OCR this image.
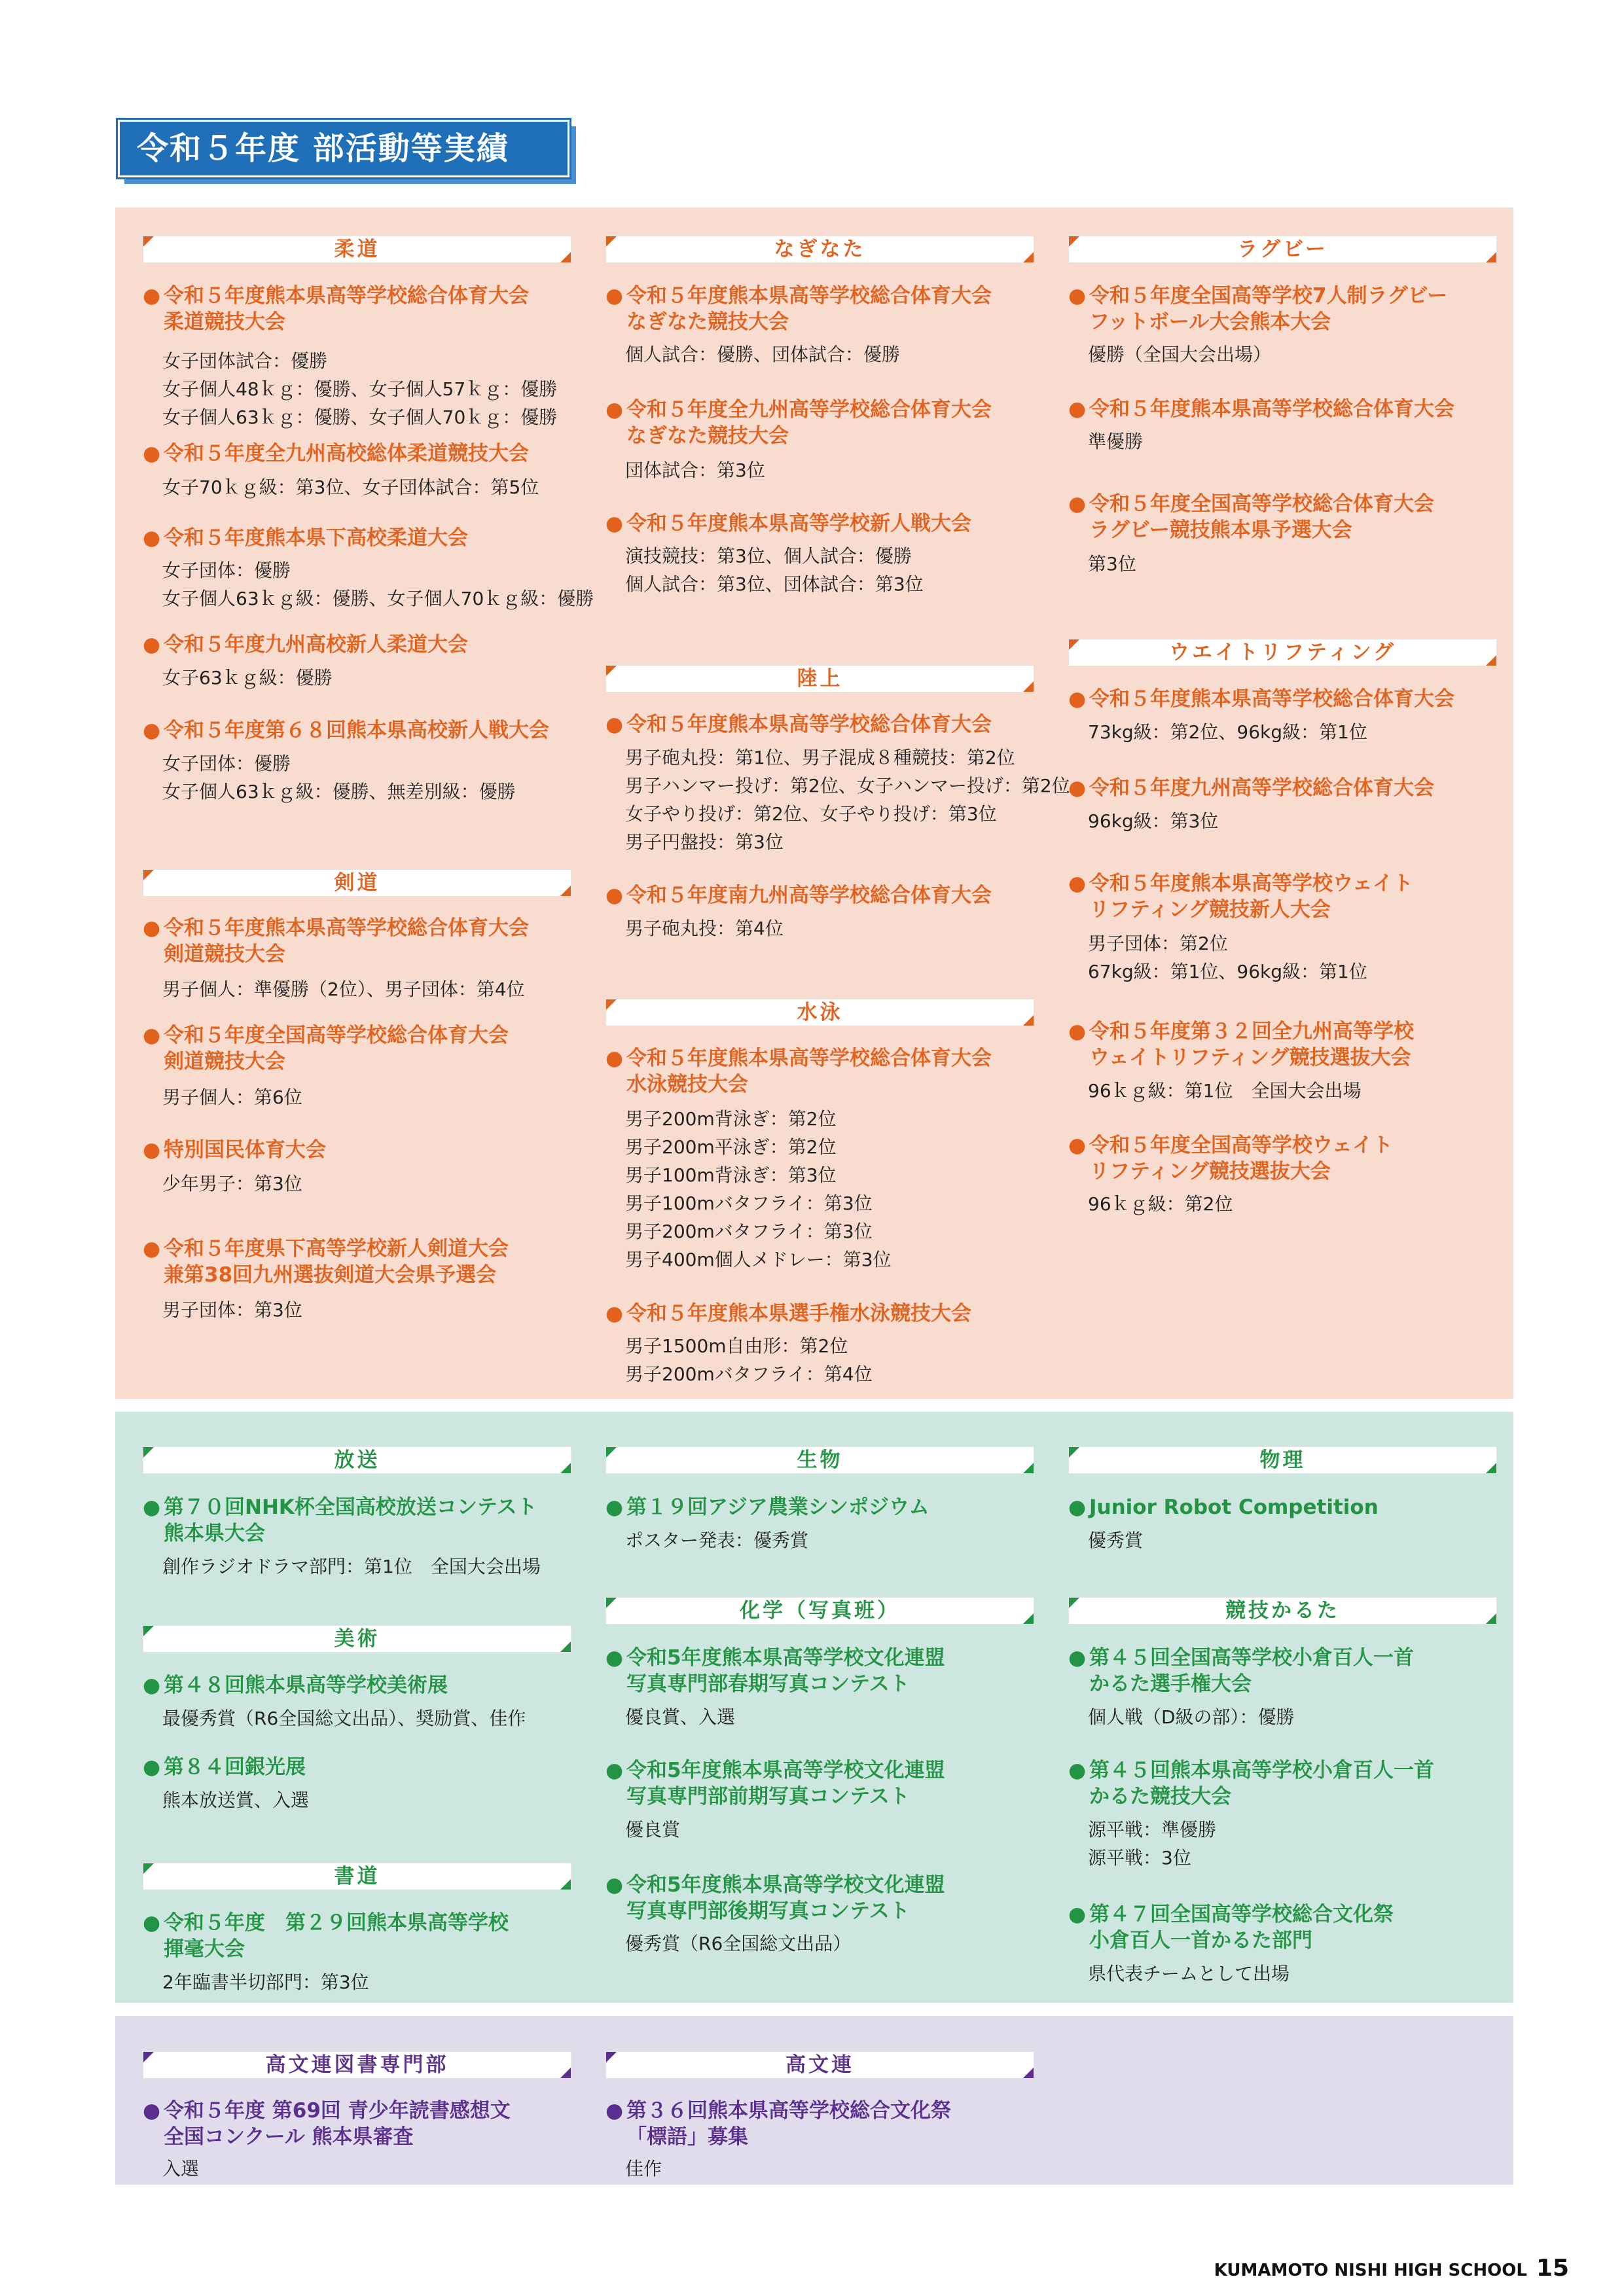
令和５年度 部活動等実績
柔道
● 令和５年度熊本県高等学校総合体育大会
柔道競技大会
女子団体試合：優勝
女子個人48ｋｇ：優勝、女子個人57ｋｇ：優勝
女子個人63ｋｇ：優勝、女子個人70ｋｇ：優勝
● 令和５年度全九州高校総体柔道競技大会
女子70ｋｇ級：第3位、女子団体試合：第5位
● 令和５年度熊本県下高校柔道大会
女子団体：優勝
女子個人63ｋｇ級：優勝、女子個人70ｋｇ級：優勝
● 令和５年度九州高校新人柔道大会
女子63ｋｇ級：優勝
● 令和５年度第６８回熊本県高校新人戦大会
女子団体：優勝
女子個人63ｋｇ級：優勝、無差別級：優勝
剣道
● 令和５年度熊本県高等学校総合体育大会
剣道競技大会
男子個人：準優勝（2位）、男子団体：第4位
● 令和５年度全国高等学校総合体育大会
剣道競技大会
男子個人：第6位
● 特別国民体育大会
少年男子：第3位
● 令和５年度県下高等学校新人剣道大会
兼第38回九州選抜剣道大会県予選会
男子団体：第3位
なぎなた
● 令和５年度熊本県高等学校総合体育大会
なぎなた競技大会
個人試合：優勝、団体試合：優勝
● 令和５年度全九州高等学校総合体育大会
なぎなた競技大会
団体試合：第3位
● 令和５年度熊本県高等学校新人戦大会
演技競技：第3位、個人試合：優勝
個人試合：第3位、団体試合：第3位
陸上
● 令和５年度熊本県高等学校総合体育大会
男子砲丸投：第1位、男子混成８種競技：第2位
男子ハンマー投げ：第2位、女子ハンマー投げ：第2位
女子やり投げ：第2位、女子やり投げ：第3位
男子円盤投：第3位
● 令和５年度南九州高等学校総合体育大会
男子砲丸投：第4位
水泳
● 令和５年度熊本県高等学校総合体育大会
水泳競技大会
男子200m背泳ぎ：第2位
男子200m平泳ぎ：第2位
男子100m背泳ぎ：第3位
男子100mバタフライ：第3位
男子200mバタフライ：第3位
男子400m個人メドレー：第3位
● 令和５年度熊本県選手権水泳競技大会
男子1500m自由形：第2位
男子200mバタフライ：第4位
ラグビー
● 令和５年度全国高等学校7人制ラグビー
フットボール大会熊本大会
優勝（全国大会出場）
● 令和５年度熊本県高等学校総合体育大会
準優勝
● 令和５年度全国高等学校総合体育大会
ラグビー競技熊本県予選大会
第3位
ウエイトリフティング
● 令和５年度熊本県高等学校総合体育大会
73kg級：第2位、96kg級：第1位
● 令和５年度九州高等学校総合体育大会
96kg級：第3位
● 令和５年度熊本県高等学校ウェイト
リフティング競技新人大会
男子団体：第2位
67kg級：第1位、96kg級：第1位
● 令和５年度第３２回全九州高等学校
ウェイトリフティング競技選抜大会
96ｋｇ級：第1位　全国大会出場
● 令和５年度全国高等学校ウェイト
リフティング競技選抜大会
96ｋｇ級：第2位
放送
● 第７０回NHK杯全国高校放送コンテスト
熊本県大会
創作ラジオドラマ部門：第1位　全国大会出場
美術
● 第４８回熊本県高等学校美術展
最優秀賞（R6全国総文出品）、奨励賞、佳作
● 第８４回銀光展
熊本放送賞、入選
書道
● 令和５年度　第２９回熊本県高等学校
揮毫大会
2年臨書半切部門：第3位
生物
● 第１９回アジア農業シンポジウム
ポスター発表：優秀賞
化学（写真班）
● 令和5年度熊本県高等学校文化連盟
写真専門部春期写真コンテスト
優良賞、入選
● 令和5年度熊本県高等学校文化連盟
写真専門部前期写真コンテスト
優良賞
● 令和5年度熊本県高等学校文化連盟
写真専門部後期写真コンテスト
優秀賞（R6全国総文出品）
物理
● Junior Robot Competition
優秀賞
競技かるた
● 第４５回全国高等学校小倉百人一首
かるた選手権大会
個人戦（D級の部）：優勝
● 第４５回熊本県高等学校小倉百人一首
かるた競技大会
源平戦：準優勝
源平戦：3位
● 第４７回全国高等学校総合文化祭
小倉百人一首かるた部門
県代表チームとして出場
高文連図書専門部
● 令和５年度 第69回 青少年読書感想文
全国コンクール 熊本県審査
入選
高文連
● 第３６回熊本県高等学校総合文化祭
「標語」募集
佳作
KUMAMOTO NISHI HIGH SCHOOL 15
